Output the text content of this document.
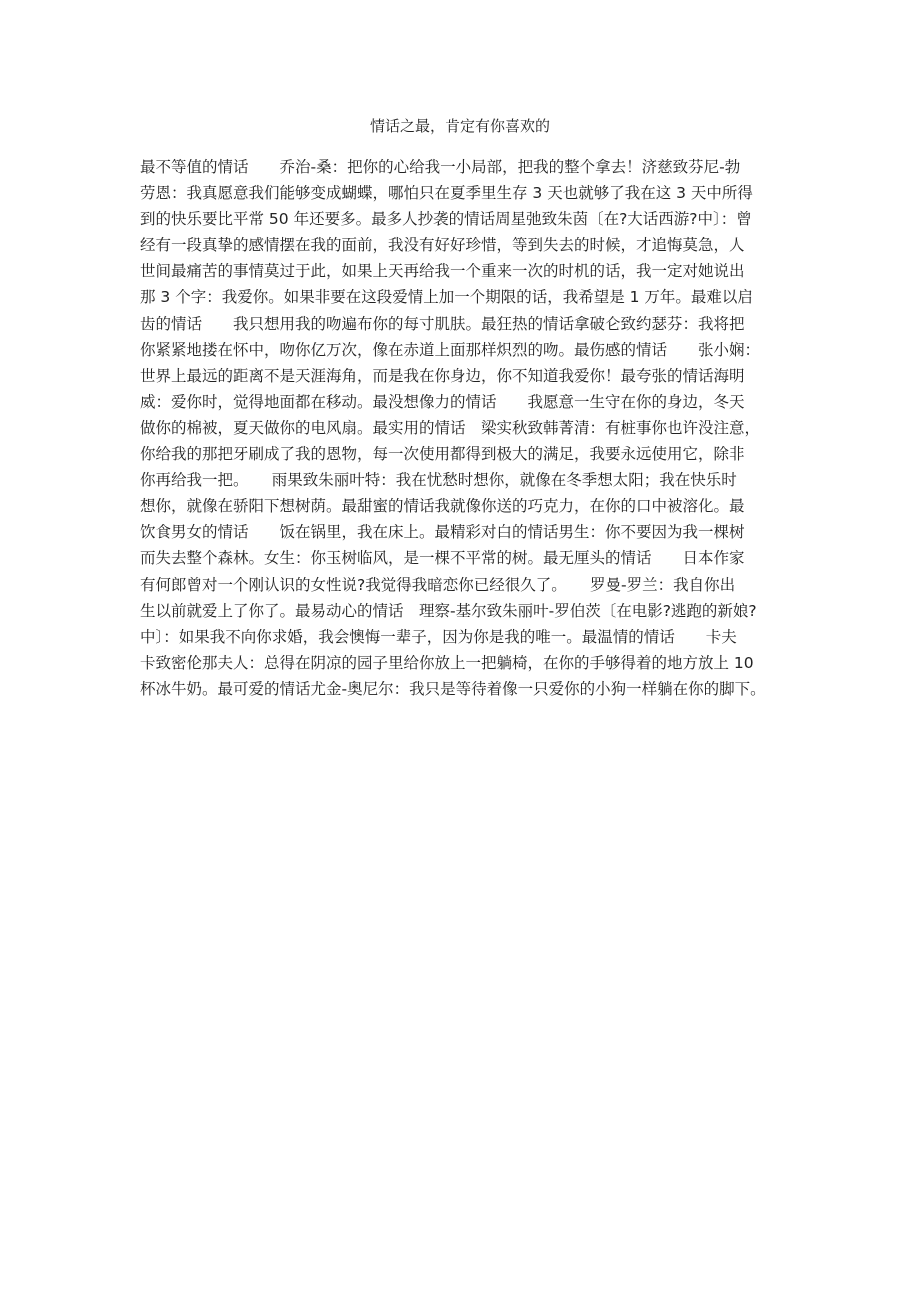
情话之最，肯定有你喜欢的
最不等值的情话　　乔治-桑：把你的心给我一小局部，把我的整个拿去！济慈致芬尼-勃
劳恩：我真愿意我们能够变成蝴蝶，哪怕只在夏季里生存 3 天也就够了我在这 3 天中所得
到的快乐要比平常 50 年还要多。最多人抄袭的情话周星弛致朱茵〔在?大话西游?中〕：曾
经有一段真挚的感情摆在我的面前，我没有好好珍惜，等到失去的时候，才追悔莫急，人
世间最痛苦的事情莫过于此，如果上天再给我一个重来一次的时机的话，我一定对她说出
那 3 个字：我爱你。如果非要在这段爱情上加一个期限的话，我希望是 1 万年。最难以启
齿的情话　　我只想用我的吻遍布你的每寸肌肤。最狂热的情话拿破仑致约瑟芬：我将把
你紧紧地搂在怀中，吻你亿万次，像在赤道上面那样炽烈的吻。最伤感的情话　　张小娴：
世界上最远的距离不是天涯海角，而是我在你身边，你不知道我爱你！最夸张的情话海明
威：爱你时，觉得地面都在移动。最没想像力的情话　　我愿意一生守在你的身边，冬天
做你的棉被，夏天做你的电风扇。最实用的情话　梁实秋致韩菁清：有桩事你也许没注意，
你给我的那把牙刷成了我的恩物，每一次使用都得到极大的满足，我要永远使用它，除非
你再给我一把。　　雨果致朱丽叶特：我在忧愁时想你，就像在冬季想太阳；我在快乐时
想你，就像在骄阳下想树荫。最甜蜜的情话我就像你送的巧克力，在你的口中被溶化。最
饮食男女的情话　　饭在锅里，我在床上。最精彩对白的情话男生：你不要因为我一棵树
而失去整个森林。女生：你玉树临风，是一棵不平常的树。最无厘头的情话　　日本作家
有何郎曾对一个刚认识的女性说?我觉得我暗恋你已经很久了。　　罗曼-罗兰：我自你出
生以前就爱上了你了。最易动心的情话　理察-基尔致朱丽叶-罗伯茨〔在电影?逃跑的新娘?
中〕：如果我不向你求婚，我会懊悔一辈子，因为你是我的唯一。最温情的情话　　卡夫
卡致密伦那夫人：总得在阴凉的园子里给你放上一把躺椅，在你的手够得着的地方放上 10
杯冰牛奶。最可爱的情话尤金-奥尼尔：我只是等待着像一只爱你的小狗一样躺在你的脚下。
